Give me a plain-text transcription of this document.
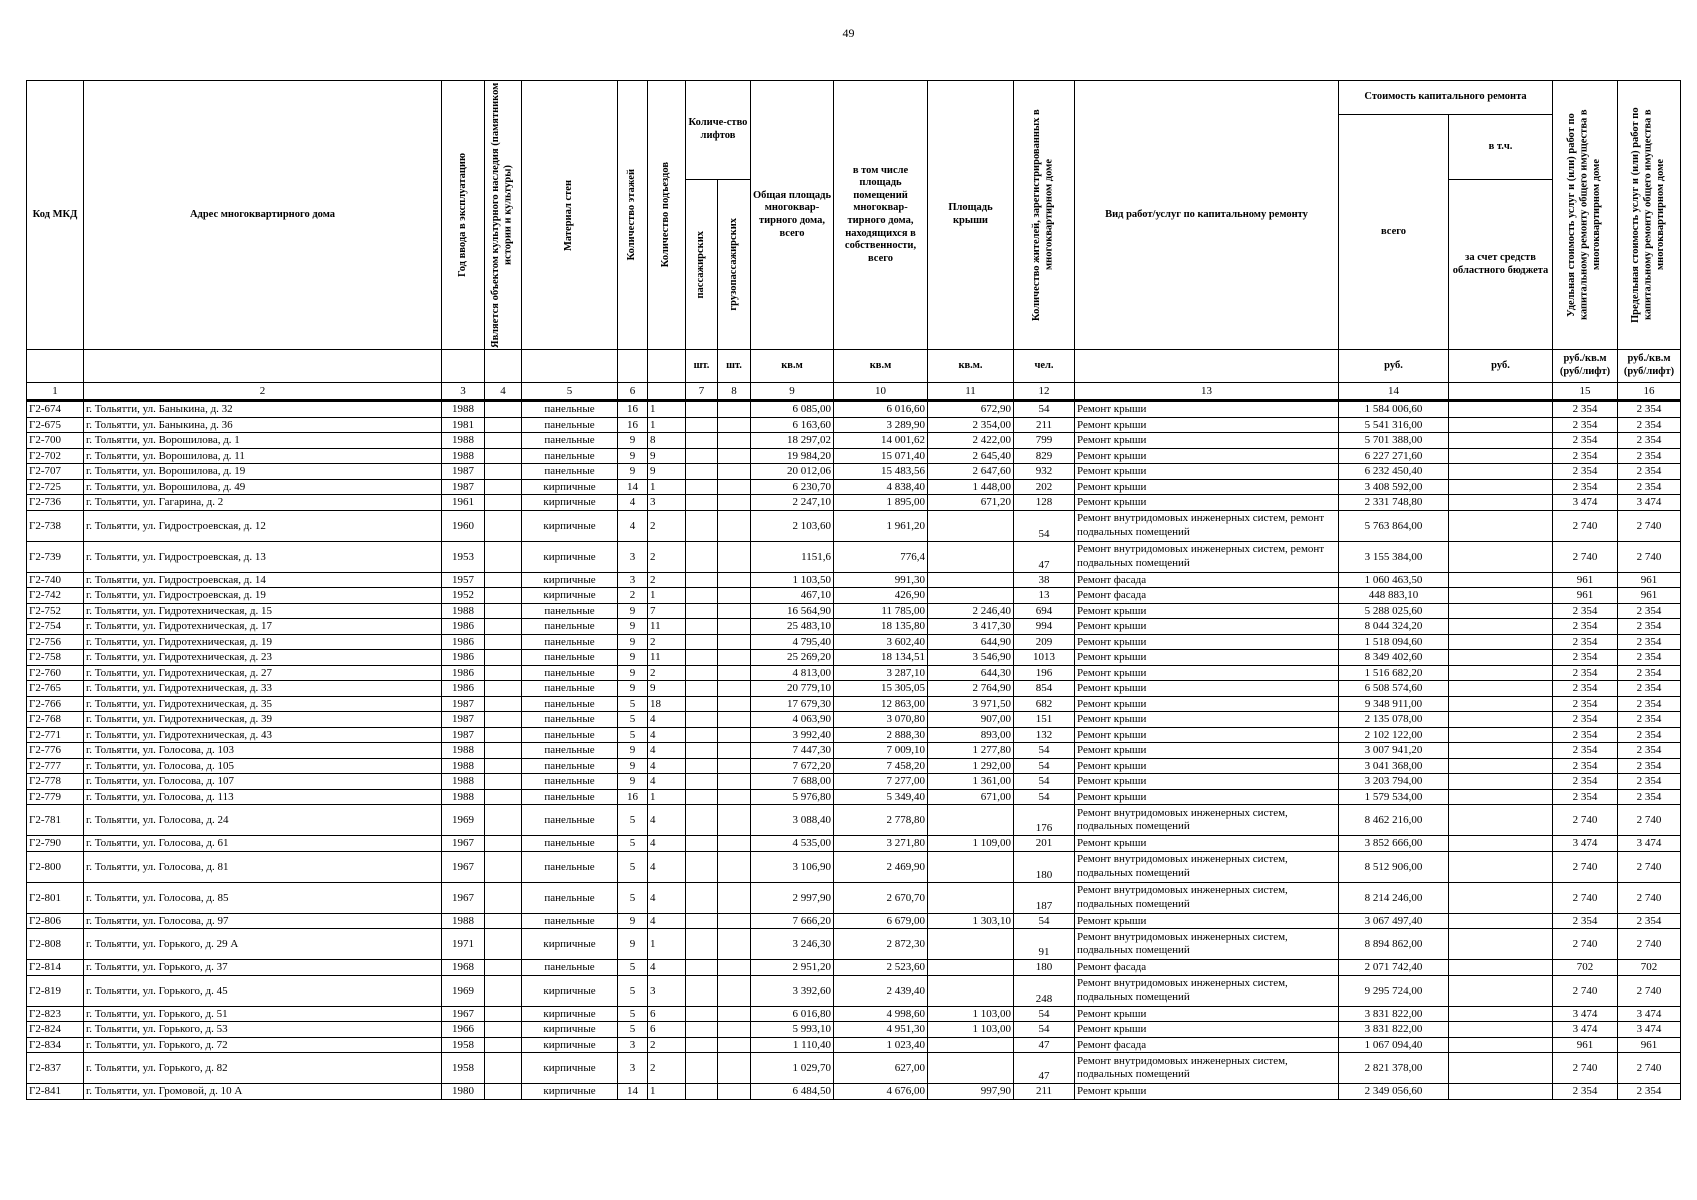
49
Код МКД	Адрес многоквартирного дома	Год ввода в эксплуатацию	Является объектом культурного наследия (памятником истории и культуры)	Материал стен	Количество этажей	Количество подъездов	Количе-ство лифтов		Общая площадь многоквар-тирного дома, всего	в том числе площадь помещений многоквар-тирного дома, находящихся в собственности, всего	Площадь крыши	Количество жителей, зарегистрированных в многоквартирном доме	Вид работ/услуг по капитальному ремонту	Стоимость капитального ремонта		Удельная стоимость услуг и (или) работ по капитальному ремонту общего имущества в многоквартирном доме	Предельная стоимость услуг и (или) работ по капитальному ремонту общего имущества в многоквартирном доме

														всего	в т.ч.		

							пассажирских	грузопассажирских							за счет средств областного бюджета		
							шт.	шт.	кв.м	кв.м	кв.м.	чел.		руб.	руб.	руб./кв.м (руб/лифт)	руб./кв.м (руб/лифт)
1	2	3	4	5	6		7	8	9	10	11	12	13	14		15	16
Г2-674	г. Тольятти, ул. Баныкина, д. 32	1988		панельные	16	1			6 085,00	6 016,60	672,90	54	Ремонт крыши	1 584 006,60		2 354	2 354
Г2-675	г. Тольятти, ул. Баныкина, д. 36	1981		панельные	16	1			6 163,60	3 289,90	2 354,00	211	Ремонт крыши	5 541 316,00		2 354	2 354
Г2-700	г. Тольятти, ул. Ворошилова, д. 1	1988		панельные	9	8			18 297,02	14 001,62	2 422,00	799	Ремонт крыши	5 701 388,00		2 354	2 354
Г2-702	г. Тольятти, ул. Ворошилова, д. 11	1988		панельные	9	9			19 984,20	15 071,40	2 645,40	829	Ремонт крыши	6 227 271,60		2 354	2 354
Г2-707	г. Тольятти, ул. Ворошилова, д. 19	1987		панельные	9	9			20 012,06	15 483,56	2 647,60	932	Ремонт крыши	6 232 450,40		2 354	2 354
Г2-725	г. Тольятти, ул. Ворошилова, д. 49	1987		кирпичные	14	1			6 230,70	4 838,40	1 448,00	202	Ремонт крыши	3 408 592,00		2 354	2 354
Г2-736	г. Тольятти, ул. Гагарина, д. 2	1961		кирпичные	4	3			2 247,10	1 895,00	671,20	128	Ремонт крыши	2 331 748,80		3 474	3 474
Г2-738	г. Тольятти, ул. Гидростроевская, д. 12	1960		кирпичные	4	2			2 103,60	1 961,20		54	Ремонт внутридомовых инженерных систем, ремонт подвальных помещений	5 763 864,00		2 740	2 740
Г2-739	г. Тольятти, ул. Гидростроевская, д. 13	1953		кирпичные	3	2			1151,6	776,4		47	Ремонт внутридомовых инженерных систем, ремонт подвальных помещений	3 155 384,00		2 740	2 740
Г2-740	г. Тольятти, ул. Гидростроевская, д. 14	1957		кирпичные	3	2			1 103,50	991,30		38	Ремонт фасада	1 060 463,50		961	961
Г2-742	г. Тольятти, ул. Гидростроевская, д. 19	1952		кирпичные	2	1			467,10	426,90		13	Ремонт фасада	448 883,10		961	961
Г2-752	г. Тольятти, ул. Гидротехническая, д. 15	1988		панельные	9	7			16 564,90	11 785,00	2 246,40	694	Ремонт крыши	5 288 025,60		2 354	2 354
Г2-754	г. Тольятти, ул. Гидротехническая, д. 17	1986		панельные	9	11			25 483,10	18 135,80	3 417,30	994	Ремонт крыши	8 044 324,20		2 354	2 354
Г2-756	г. Тольятти, ул. Гидротехническая, д. 19	1986		панельные	9	2			4 795,40	3 602,40	644,90	209	Ремонт крыши	1 518 094,60		2 354	2 354
Г2-758	г. Тольятти, ул. Гидротехническая, д. 23	1986		панельные	9	11			25 269,20	18 134,51	3 546,90	1013	Ремонт крыши	8 349 402,60		2 354	2 354
Г2-760	г. Тольятти, ул. Гидротехническая, д. 27	1986		панельные	9	2			4 813,00	3 287,10	644,30	196	Ремонт крыши	1 516 682,20		2 354	2 354
Г2-765	г. Тольятти, ул. Гидротехническая, д. 33	1986		панельные	9	9			20 779,10	15 305,05	2 764,90	854	Ремонт крыши	6 508 574,60		2 354	2 354
Г2-766	г. Тольятти, ул. Гидротехническая, д. 35	1987		панельные	5	18			17 679,30	12 863,00	3 971,50	682	Ремонт крыши	9 348 911,00		2 354	2 354
Г2-768	г. Тольятти, ул. Гидротехническая, д. 39	1987		панельные	5	4			4 063,90	3 070,80	907,00	151	Ремонт крыши	2 135 078,00		2 354	2 354
Г2-771	г. Тольятти, ул. Гидротехническая, д. 43	1987		панельные	5	4			3 992,40	2 888,30	893,00	132	Ремонт крыши	2 102 122,00		2 354	2 354
Г2-776	г. Тольятти, ул. Голосова, д. 103	1988		панельные	9	4			7 447,30	7 009,10	1 277,80	54	Ремонт крыши	3 007 941,20		2 354	2 354
Г2-777	г. Тольятти, ул. Голосова, д. 105	1988		панельные	9	4			7 672,20	7 458,20	1 292,00	54	Ремонт крыши	3 041 368,00		2 354	2 354
Г2-778	г. Тольятти, ул. Голосова, д. 107	1988		панельные	9	4			7 688,00	7 277,00	1 361,00	54	Ремонт крыши	3 203 794,00		2 354	2 354
Г2-779	г. Тольятти, ул. Голосова, д. 113	1988		панельные	16	1			5 976,80	5 349,40	671,00	54	Ремонт крыши	1 579 534,00		2 354	2 354
Г2-781	г. Тольятти, ул. Голосова, д. 24	1969		панельные	5	4			3 088,40	2 778,80		176	Ремонт внутридомовых инженерных систем, подвальных помещений	8 462 216,00		2 740	2 740
Г2-790	г. Тольятти, ул. Голосова, д. 61	1967		панельные	5	4			4 535,00	3 271,80	1 109,00	201	Ремонт крыши	3 852 666,00		3 474	3 474
Г2-800	г. Тольятти, ул. Голосова, д. 81	1967		панельные	5	4			3 106,90	2 469,90		180	Ремонт внутридомовых инженерных систем, подвальных помещений	8 512 906,00		2 740	2 740
Г2-801	г. Тольятти, ул. Голосова, д. 85	1967		панельные	5	4			2 997,90	2 670,70		187	Ремонт внутридомовых инженерных систем, подвальных помещений	8 214 246,00		2 740	2 740
Г2-806	г. Тольятти, ул. Голосова, д. 97	1988		панельные	9	4			7 666,20	6 679,00	1 303,10	54	Ремонт крыши	3 067 497,40		2 354	2 354
Г2-808	г. Тольятти, ул. Горького, д. 29 А	1971		кирпичные	9	1			3 246,30	2 872,30		91	Ремонт внутридомовых инженерных систем, подвальных помещений	8 894 862,00		2 740	2 740
Г2-814	г. Тольятти, ул. Горького, д. 37	1968		панельные	5	4			2 951,20	2 523,60		180	Ремонт фасада	2 071 742,40		702	702
Г2-819	г. Тольятти, ул. Горького, д. 45	1969		кирпичные	5	3			3 392,60	2 439,40		248	Ремонт внутридомовых инженерных систем, подвальных помещений	9 295 724,00		2 740	2 740
Г2-823	г. Тольятти, ул. Горького, д. 51	1967		кирпичные	5	6			6 016,80	4 998,60	1 103,00	54	Ремонт крыши	3 831 822,00		3 474	3 474
Г2-824	г. Тольятти, ул. Горького, д. 53	1966		кирпичные	5	6			5 993,10	4 951,30	1 103,00	54	Ремонт крыши	3 831 822,00		3 474	3 474
Г2-834	г. Тольятти, ул. Горького, д. 72	1958		кирпичные	3	2			1 110,40	1 023,40		47	Ремонт фасада	1 067 094,40		961	961
Г2-837	г. Тольятти, ул. Горького, д. 82	1958		кирпичные	3	2			1 029,70	627,00		47	Ремонт внутридомовых инженерных систем, подвальных помещений	2 821 378,00		2 740	2 740
Г2-841	г. Тольятти, ул. Громовой, д. 10 А	1980		кирпичные	14	1			6 484,50	4 676,00	997,90	211	Ремонт крыши	2 349 056,60		2 354	2 354
